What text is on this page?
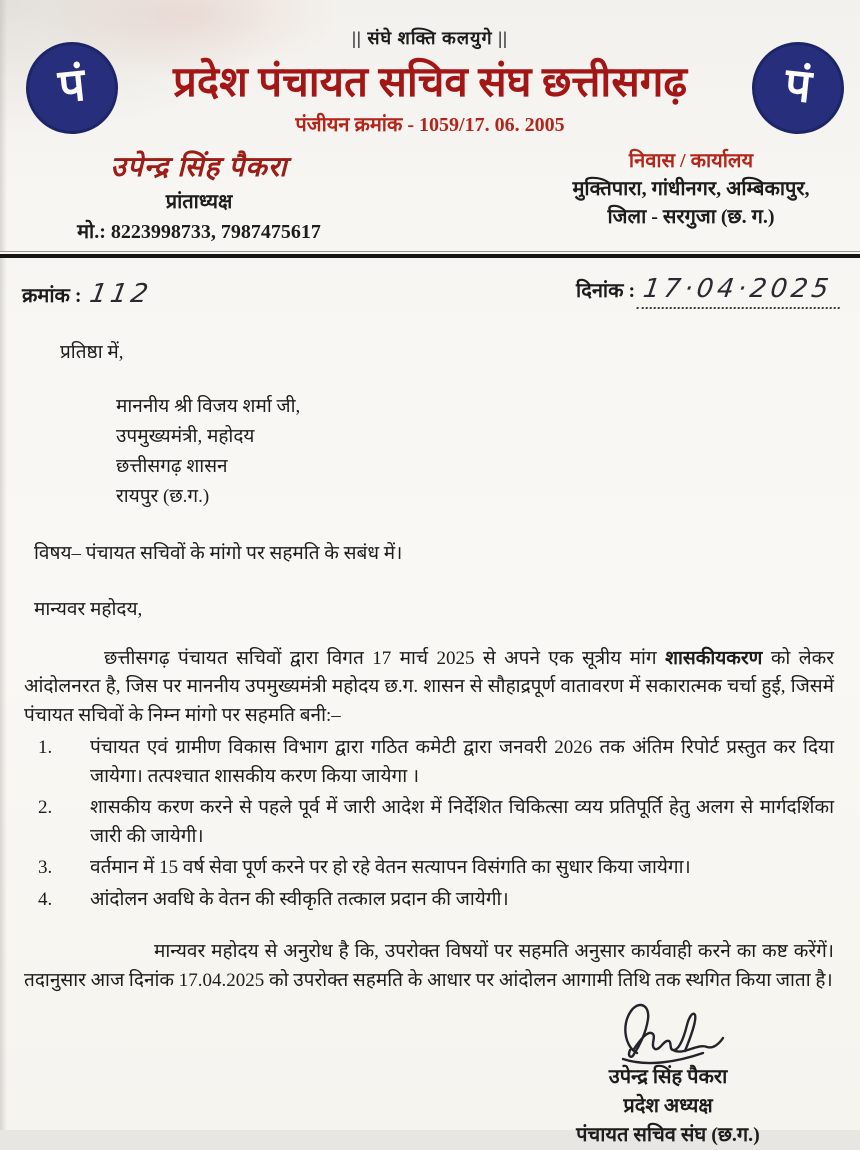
पं	पं
|| संघे शक्ति कलयुगे ||
प्रदेश पंचायत सचिव संघ छत्तीसगढ़
पंजीयन क्रमांक - 1059/17. 06. 2005
उपेन्द्र सिंह पैकरा
प्रांताध्यक्ष
मो.: 8223998733, 7987475617
निवास / कार्यालय
मुक्तिपारा, गांधीनगर, अम्बिकापुर,
जिला - सरगुजा (छ. ग.)
क्रमांक : 112	दिनांक : 17·04·2025

प्रतिष्ठा में,

माननीय श्री विजय शर्मा जी,
उपमुख्यमंत्री, महोदय
छत्तीसगढ़ शासन
रायपुर (छ.ग.)

विषय– पंचायत सचिवों के मांगो पर सहमति के सबंध में।

मान्यवर महोदय,

छत्तीसगढ़ पंचायत सचिवों द्वारा विगत 17 मार्च 2025 से अपने एक सूत्रीय मांग शासकीयकरण को लेकर आंदोलनरत है, जिस पर माननीय उपमुख्यमंत्री महोदय छ.ग. शासन से सौहाद्रपूर्ण वातावरण में सकारात्मक चर्चा हुई, जिसमें पंचायत सचिवों के निम्न मांगो पर सहमति बनी:–

1.	पंचायत एवं ग्रामीण विकास विभाग द्वारा गठित कमेटी द्वारा जनवरी 2026 तक अंतिम रिपोर्ट प्रस्तुत कर दिया जायेगा। तत्पश्चात शासकीय करण किया जायेगा ।
2.	शासकीय करण करने से पहले पूर्व में जारी आदेश में निर्देशित चिकित्सा व्यय प्रतिपूर्ति हेतु अलग से मार्गदर्शिका जारी की जायेगी।
3.	वर्तमान में 15 वर्ष सेवा पूर्ण करने पर हो रहे वेतन सत्यापन विसंगति का सुधार किया जायेगा।
4.	आंदोलन अवधि के वेतन की स्वीकृति तत्काल प्रदान की जायेगी।

मान्यवर महोदय से अनुरोध है कि, उपरोक्त विषयों पर सहमति अनुसार कार्यवाही करने का कष्ट करेंगें। तदानुसार आज दिनांक 17.04.2025 को उपरोक्त सहमति के आधार पर आंदोलन आगामी तिथि तक स्थगित किया जाता है।

उपेन्द्र सिंह पैकरा
प्रदेश अध्यक्ष
पंचायत सचिव संघ (छ.ग.)
